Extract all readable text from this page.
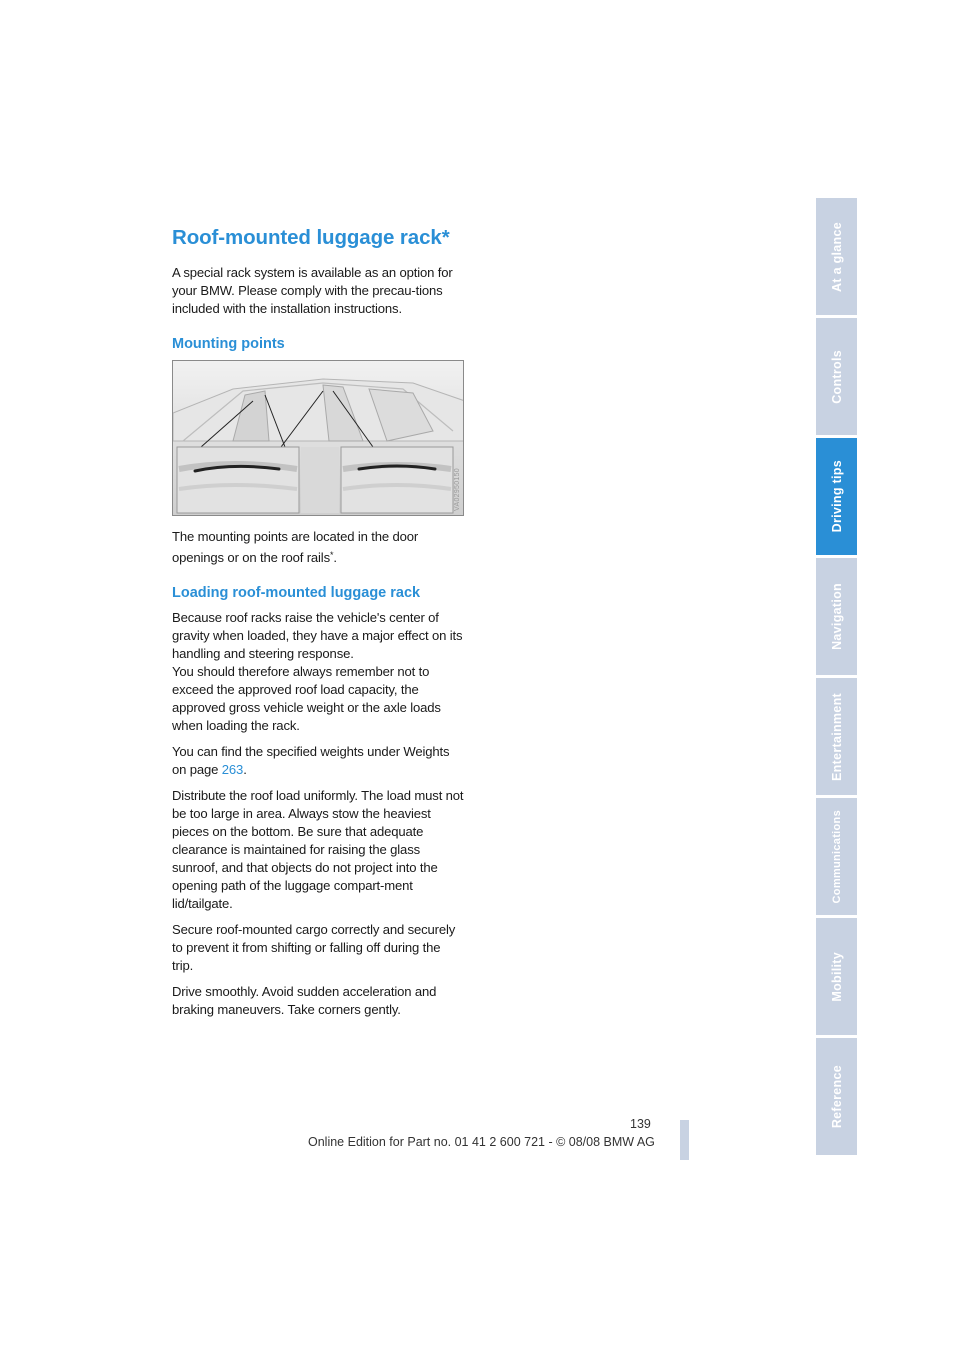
Roof-mounted luggage rack*

A special rack system is available as an option for your BMW. Please comply with the precau-tions included with the installation instructions.

Mounting points
VA02950150

The mounting points are located in the door openings or on the roof rails*.

Loading roof-mounted luggage rack

Because roof racks raise the vehicle's center of gravity when loaded, they have a major effect on its handling and steering response.

You should therefore always remember not to exceed the approved roof load capacity, the approved gross vehicle weight or the axle loads when loading the rack.

You can find the specified weights under Weights on page 263.

Distribute the roof load uniformly. The load must not be too large in area. Always stow the heaviest pieces on the bottom. Be sure that adequate clearance is maintained for raising the glass sunroof, and that objects do not project into the opening path of the luggage compart-ment lid/tailgate.

Secure roof-mounted cargo correctly and securely to prevent it from shifting or falling off during the trip.

Drive smoothly. Avoid sudden acceleration and braking maneuvers. Take corners gently.

139
Online Edition for Part no. 01 41 2 600 721 - © 08/08 BMW AG
At a glance
Controls
Driving tips
Navigation
Entertainment
Communications
Mobility
Reference
